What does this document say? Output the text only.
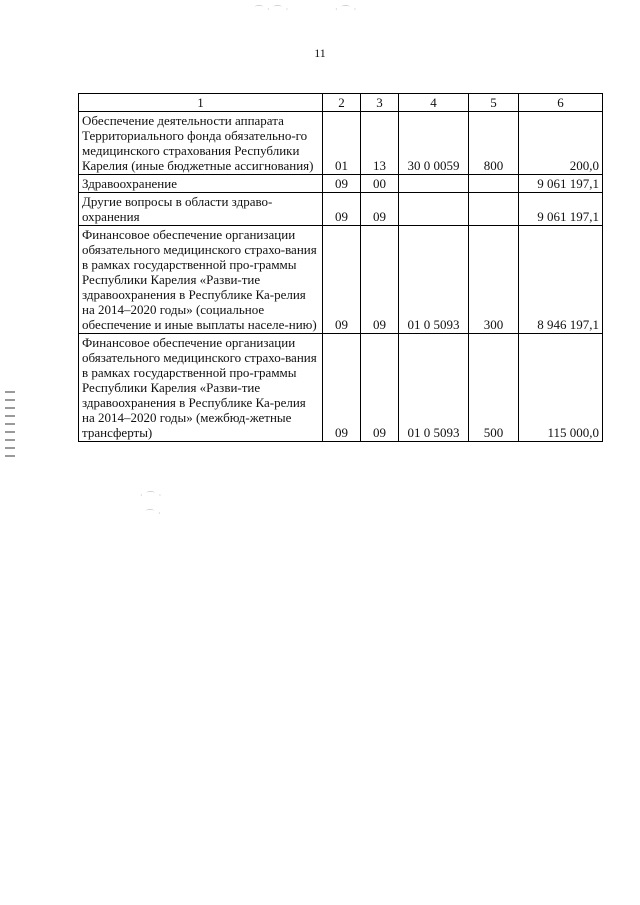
⌒ · ⌒ ·	· ⌒ ·
11
1	2	3	4	5	6
Обеспечение деятельности аппарата Территориального фонда обязательно-го медицинского страхования Республики Карелия (иные бюджетные ассигнования)	01	13	30 0 0059	800	200,0
Здравоохранение	09	00			9 061 197,1
Другие вопросы в области здраво-охранения	09	09			9 061 197,1
Финансовое обеспечение организации обязательного медицинского страхо-вания в рамках государственной про-граммы Республики Карелия «Разви-тие здравоохранения в Республике Ка-релия на 2014–2020 годы» (социальное обеспечение и иные выплаты населе-нию)	09	09	01 0 5093	300	8 946 197,1
Финансовое обеспечение организации обязательного медицинского страхо-вания в рамках государственной про-граммы Республики Карелия «Разви-тие здравоохранения в Республике Ка-релия на 2014–2020 годы» (межбюд-жетные трансферты)	09	09	01 0 5093	500	115 000,0
· ⌒ ·
⌒ ·
